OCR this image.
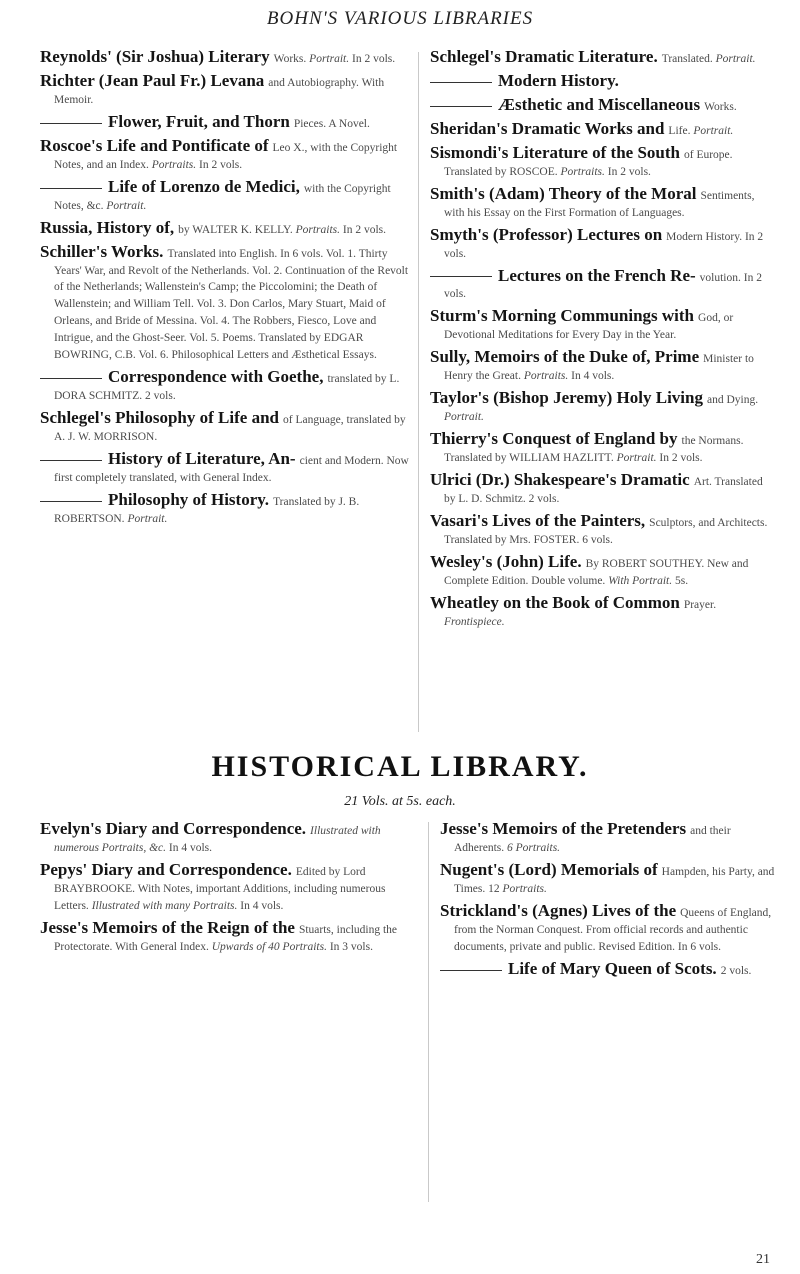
BOHN'S VARIOUS LIBRARIES
Reynolds' (Sir Joshua) Literary Works. Portrait. In 2 vols.
Richter (Jean Paul Fr.) Levana and Autobiography. With Memoir.
Flower, Fruit, and Thorn Pieces. A Novel.
Roscoe's Life and Pontificate of Leo X., with the Copyright Notes, and an Index. Portraits. In 2 vols.
Life of Lorenzo de Medici, with the Copyright Notes, &c. Portrait.
Russia, History of, by WALTER K. KELLY. Portraits. In 2 vols.
Schiller's Works. Translated into English. In 6 vols. Vol. 1. Thirty Years' War, and Revolt of the Netherlands. Vol. 2. Continuation of the Revolt of the Netherlands; Wallenstein's Camp; the Piccolomini; the Death of Wallenstein; and William Tell. Vol. 3. Don Carlos, Mary Stuart, Maid of Orleans, and Bride of Messina. Vol. 4. The Robbers, Fiesco, Love and Intrigue, and the Ghost-Seer. Vol. 5. Poems. Translated by EDGAR BOWRING, C.B. Vol. 6. Philosophical Letters and Æsthetical Essays.
Correspondence with Goethe, translated by L. DORA SCHMITZ. 2 vols.
Schlegel's Philosophy of Life and of Language, translated by A. J. W. MORRISON.
History of Literature, An- cient and Modern. Now first completely translated, with General Index.
Philosophy of History. Translated by J. B. ROBERTSON. Portrait.
Schlegel's Dramatic Literature. Translated. Portrait.
Modern History.
Æsthetic and Miscellaneous Works.
Sheridan's Dramatic Works and Life. Portrait.
Sismondi's Literature of the South of Europe. Translated by ROSCOE. Portraits. In 2 vols.
Smith's (Adam) Theory of the Moral Sentiments, with his Essay on the First Formation of Languages.
Smyth's (Professor) Lectures on Modern History. In 2 vols.
Lectures on the French Re- volution. In 2 vols.
Sturm's Morning Communings with God, or Devotional Meditations for Every Day in the Year.
Sully, Memoirs of the Duke of, Prime Minister to Henry the Great. Portraits. In 4 vols.
Taylor's (Bishop Jeremy) Holy Living and Dying. Portrait.
Thierry's Conquest of England by the Normans. Translated by WILLIAM HAZLITT. Portrait. In 2 vols.
Ulrici (Dr.) Shakespeare's Dramatic Art. Translated by L. D. Schmitz. 2 vols.
Vasari's Lives of the Painters, Sculptors, and Architects. Translated by Mrs. FOSTER. 6 vols.
Wesley's (John) Life. By ROBERT SOUTHEY. New and Complete Edition. Double volume. With Portrait. 5s.
Wheatley on the Book of Common Prayer. Frontispiece.
HISTORICAL LIBRARY.
21 Vols. at 5s. each.
Evelyn's Diary and Correspondence. Illustrated with numerous Portraits, &c. In 4 vols.
Pepys' Diary and Correspondence. Edited by Lord BRAYBROOKE. With Notes, important Additions, including numerous Letters. Illustrated with many Portraits. In 4 vols.
Jesse's Memoirs of the Reign of the Stuarts, including the Protectorate. With General Index. Upwards of 40 Portraits. In 3 vols.
Jesse's Memoirs of the Pretenders and their Adherents. 6 Portraits.
Nugent's (Lord) Memorials of Hampden, his Party, and Times. 12 Portraits.
Strickland's (Agnes) Lives of the Queens of England, from the Norman Conquest. From official records and authentic documents, private and public. Revised Edition. In 6 vols.
Life of Mary Queen of Scots. 2 vols.
21
